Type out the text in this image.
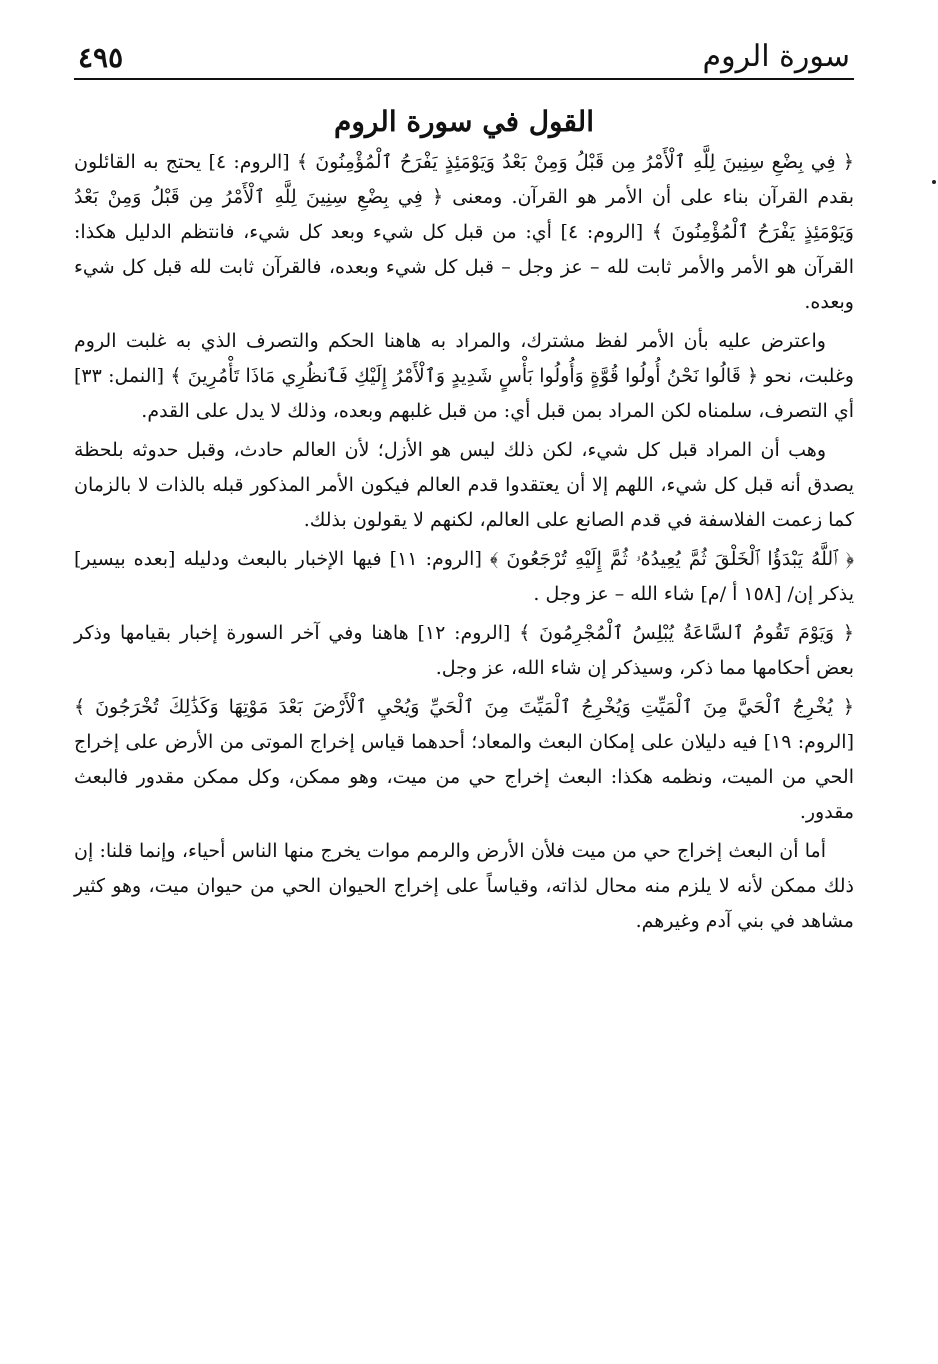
سورة الروم
٤٩٥
القول في سورة الروم

﴿ فِي بِضْعِ سِنِينَ لِلَّهِ ٱلْأَمْرُ مِن قَبْلُ وَمِنْ بَعْدُ وَيَوْمَئِذٍ يَفْرَحُ ٱلْمُؤْمِنُونَ ﴾ [الروم: ٤] يحتج به القائلون بقدم القرآن بناء على أن الأمر هو القرآن. ومعنى ﴿ فِي بِضْعِ سِنِينَ لِلَّهِ ٱلْأَمْرُ مِن قَبْلُ وَمِنْ بَعْدُ وَيَوْمَئِذٍ يَفْرَحُ ٱلْمُؤْمِنُونَ ﴾ [الروم: ٤] أي: من قبل كل شيء وبعد كل شيء، فانتظم الدليل هكذا: القرآن هو الأمر والأمر ثابت لله – عز وجل – قبل كل شيء وبعده، فالقرآن ثابت لله قبل كل شيء وبعده.

واعترض عليه بأن الأمر لفظ مشترك، والمراد به هاهنا الحكم والتصرف الذي به غلبت الروم وغلبت، نحو ﴿ قَالُوا نَحْنُ أُولُوا قُوَّةٍ وَأُولُوا بَأْسٍ شَدِيدٍ وَٱلْأَمْرُ إِلَيْكِ فَٱنظُرِي مَاذَا تَأْمُرِينَ ﴾ [النمل: ٣٣] أي التصرف، سلمناه لكن المراد بمن قبل أي: من قبل غلبهم وبعده، وذلك لا يدل على القدم.

وهب أن المراد قبل كل شيء، لكن ذلك ليس هو الأزل؛ لأن العالم حادث، وقبل حدوثه بلحظة يصدق أنه قبل كل شيء، اللهم إلا أن يعتقدوا قدم العالم فيكون الأمر المذكور قبله بالذات لا بالزمان كما زعمت الفلاسفة في قدم الصانع على العالم، لكنهم لا يقولون بذلك.

﴿ ٱللَّهُ يَبْدَؤُا ٱلْخَلْقَ ثُمَّ يُعِيدُهُۥ ثُمَّ إِلَيْهِ تُرْجَعُونَ ﴾ [الروم: ١١] فيها الإخبار بالبعث ودليله [بعده بيسير] يذكر إن/ [١٥٨ أ /م] شاء الله – عز وجل .

﴿ وَيَوْمَ تَقُومُ ٱلسَّاعَةُ يُبْلِسُ ٱلْمُجْرِمُونَ ﴾ [الروم: ١٢] هاهنا وفي آخر السورة إخبار بقيامها وذكر بعض أحكامها مما ذكر، وسيذكر إن شاء الله، عز وجل.

﴿ يُخْرِجُ ٱلْحَيَّ مِنَ ٱلْمَيِّتِ وَيُخْرِجُ ٱلْمَيِّتَ مِنَ ٱلْحَيِّ وَيُحْيِ ٱلْأَرْضَ بَعْدَ مَوْتِهَا وَكَذَٰلِكَ تُخْرَجُونَ ﴾ [الروم: ١٩] فيه دليلان على إمكان البعث والمعاد؛ أحدهما قياس إخراج الموتى من الأرض على إخراج الحي من الميت، ونظمه هكذا: البعث إخراج حي من ميت، وهو ممكن، وكل ممكن مقدور فالبعث مقدور.

أما أن البعث إخراج حي من ميت فلأن الأرض والرمم موات يخرج منها الناس أحياء، وإنما قلنا: إن ذلك ممكن لأنه لا يلزم منه محال لذاته، وقياساً على إخراج الحيوان الحي من حيوان ميت، وهو كثير مشاهد في بني آدم وغيرهم.
